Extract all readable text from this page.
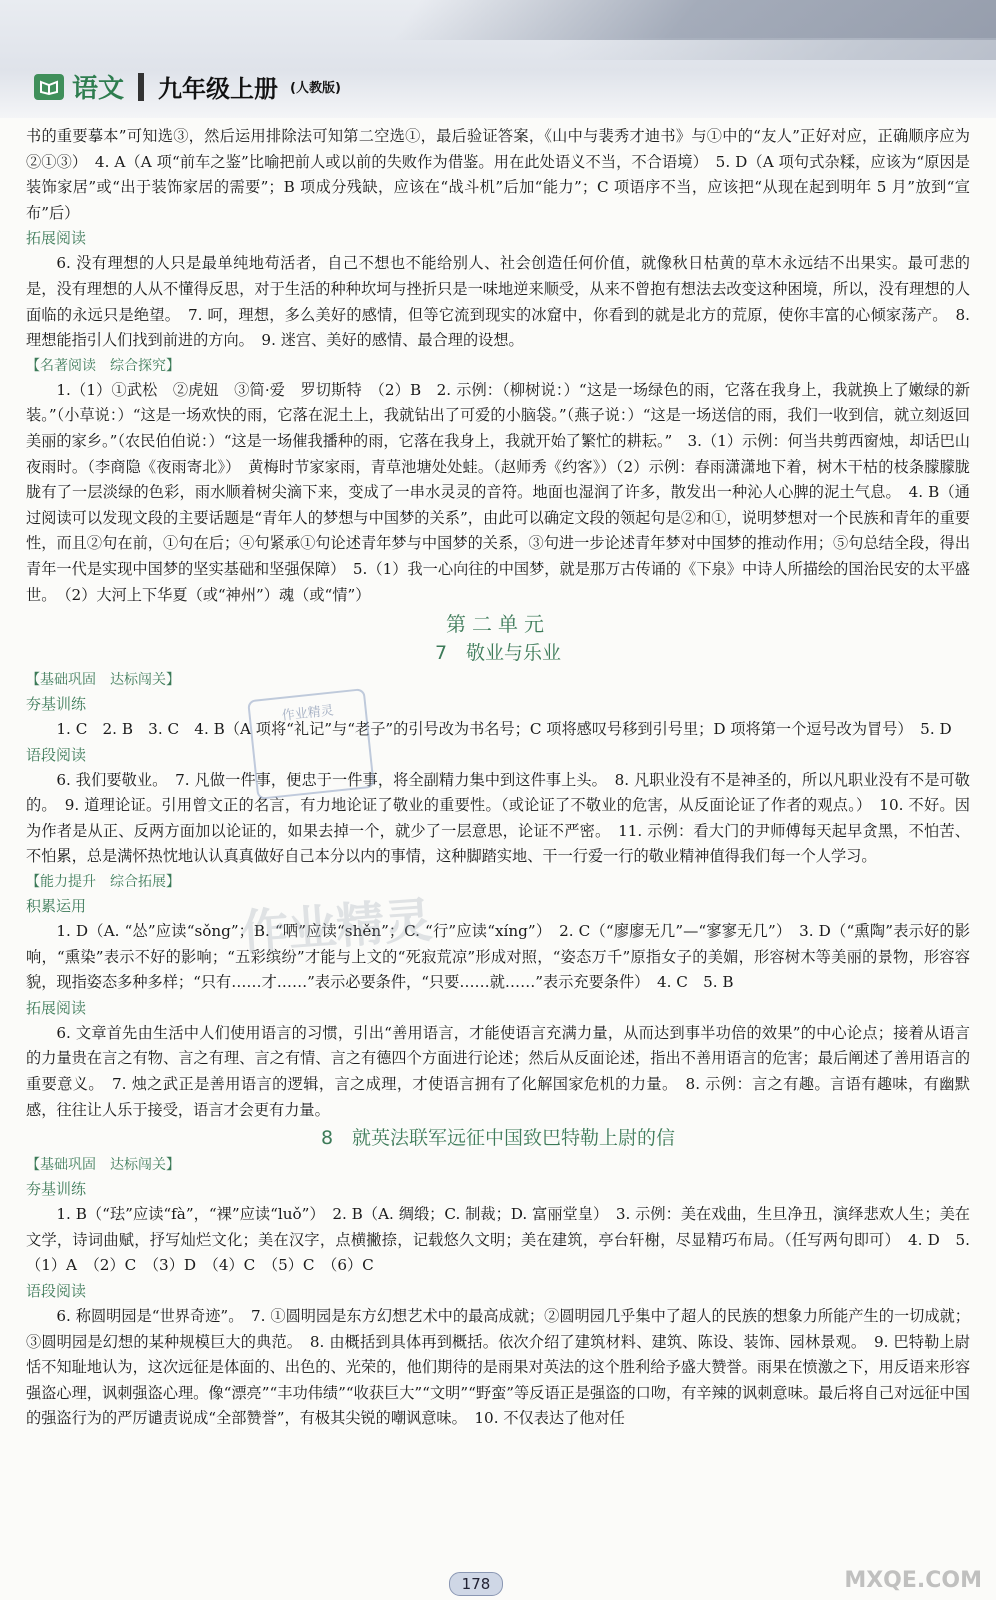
语文 九年级上册 (人教版)

书的重要摹本”可知选③，然后运用排除法可知第二空选①，最后验证答案，《山中与裴秀才迪书》与①中的“友人”正好对应，正确顺序应为②①③）　4. A（A 项“前车之鉴”比喻把前人或以前的失败作为借鉴。用在此处语义不当，不合语境）　5. D（A 项句式杂糅，应该为“原因是装饰家居”或“出于装饰家居的需要”；B 项成分残缺，应该在“战斗机”后加“能力”；C 项语序不当，应该把“从现在起到明年 5 月”放到“宣布”后）

拓展阅读

6. 没有理想的人只是最单纯地苟活者，自己不想也不能给别人、社会创造任何价值，就像秋日枯黄的草木永远结不出果实。最可悲的是，没有理想的人从不懂得反思，对于生活的种种坎坷与挫折只是一味地逆来顺受，从来不曾抱有想法去改变这种困境，所以，没有理想的人面临的永远只是绝望。　7. 呵，理想，多么美好的感情，但等它流到现实的冰窟中，你看到的就是北方的荒原，使你丰富的心倾家荡产。　8. 理想能指引人们找到前进的方向。　9. 迷宫、美好的感情、最合理的设想。

【名著阅读　综合探究】

1.（1）①武松　②虎妞　③简·爱　罗切斯特　（2）B　2. 示例：（柳树说：）“这是一场绿色的雨，它落在我身上，我就换上了嫩绿的新装。”（小草说：）“这是一场欢快的雨，它落在泥土上，我就钻出了可爱的小脑袋。”（燕子说：）“这是一场送信的雨，我们一收到信，就立刻返回美丽的家乡。”（农民伯伯说：）“这是一场催我播种的雨，它落在我身上，我就开始了繁忙的耕耘。”　3.（1）示例：何当共剪西窗烛，却话巴山夜雨时。（李商隐《夜雨寄北》）　黄梅时节家家雨，青草池塘处处蛙。（赵师秀《约客》）（2）示例：春雨潇潇地下着，树木干枯的枝条朦朦胧胧有了一层淡绿的色彩，雨水顺着树尖滴下来，变成了一串水灵灵的音符。地面也湿润了许多，散发出一种沁人心脾的泥土气息。　4. B（通过阅读可以发现文段的主要话题是“青年人的梦想与中国梦的关系”，由此可以确定文段的领起句是②和①，说明梦想对一个民族和青年的重要性，而且②句在前，①句在后；④句紧承①句论述青年梦与中国梦的关系，③句进一步论述青年梦对中国梦的推动作用；⑤句总结全段，得出青年一代是实现中国梦的坚实基础和坚强保障）　5.（1）我一心向往的中国梦，就是那万古传诵的《下泉》中诗人所描绘的国治民安的太平盛世。　（2）大河上下华夏（或“神州”）魂（或“情”）

第二单元

7　敬业与乐业

【基础巩固　达标闯关】

夯基训练

1. C　2. B　3. C　4. B（A 项将“礼记”与“老子”的引号改为书名号；C 项将感叹号移到引号里；D 项将第一个逗号改为冒号）　5. D

语段阅读

6. 我们要敬业。　7. 凡做一件事，便忠于一件事，将全副精力集中到这件事上头。　8. 凡职业没有不是神圣的，所以凡职业没有不是可敬的。　9. 道理论证。引用曾文正的名言，有力地论证了敬业的重要性。（或论证了不敬业的危害，从反面论证了作者的观点。）　10. 不好。因为作者是从正、反两方面加以论证的，如果去掉一个，就少了一层意思，论证不严密。　11. 示例：看大门的尹师傅每天起早贪黑，不怕苦、不怕累，总是满怀热忱地认认真真做好自己本分以内的事情，这种脚踏实地、干一行爱一行的敬业精神值得我们每一个人学习。

【能力提升　综合拓展】

积累运用

1. D（A. “怂”应读“sǒng”；B. “哂”应读“shěn”；C. “行”应读“xíng”）　2. C（“廖廖无几”—“寥寥无几”）　3. D（“熏陶”表示好的影响，“熏染”表示不好的影响；“五彩缤纷”才能与上文的“死寂荒凉”形成对照，“姿态万千”原指女子的美媚，形容树木等美丽的景物，形容容貌，现指姿态多种多样；“只有……才……”表示必要条件，“只要……就……”表示充要条件）　4. C　5. B

拓展阅读

6. 文章首先由生活中人们使用语言的习惯，引出“善用语言，才能使语言充满力量，从而达到事半功倍的效果”的中心论点；接着从语言的力量贵在言之有物、言之有理、言之有情、言之有德四个方面进行论述；然后从反面论述，指出不善用语言的危害；最后阐述了善用语言的重要意义。　7. 烛之武正是善用语言的逻辑，言之成理，才使语言拥有了化解国家危机的力量。　8. 示例：言之有趣。言语有趣味，有幽默感，往往让人乐于接受，语言才会更有力量。

8　就英法联军远征中国致巴特勒上尉的信

【基础巩固　达标闯关】

夯基训练

1. B（“珐”应读“fà”，“裸”应读“luǒ”）　2. B（A. 绸缎；C. 制裁；D. 富丽堂皇）　3. 示例：美在戏曲，生旦净丑，演绎悲欢人生；美在文学，诗词曲赋，抒写灿烂文化；美在汉字，点横撇捺，记载悠久文明；美在建筑，亭台轩榭，尽显精巧布局。（任写两句即可）　4. D　5.（1）A　（2）C　（3）D　（4）C　（5）C　（6）C

语段阅读

6. 称圆明园是“世界奇迹”。　7. ①圆明园是东方幻想艺术中的最高成就；②圆明园几乎集中了超人的民族的想象力所能产生的一切成就；③圆明园是幻想的某种规模巨大的典范。　8. 由概括到具体再到概括。依次介绍了建筑材料、建筑、陈设、装饰、园林景观。　9. 巴特勒上尉恬不知耻地认为，这次远征是体面的、出色的、光荣的，他们期待的是雨果对英法的这个胜利给予盛大赞誉。雨果在愤激之下，用反语来形容强盗心理，讽刺强盗心理。像“漂亮”“丰功伟绩”“收获巨大”“文明”“野蛮”等反语正是强盗的口吻，有辛辣的讽刺意味。最后将自己对远征中国的强盗行为的严厉谴责说成“全部赞誉”，有极其尖锐的嘲讽意味。　10. 不仅表达了他对任

作业精灵
作业精灵
178	MXQE.COM
